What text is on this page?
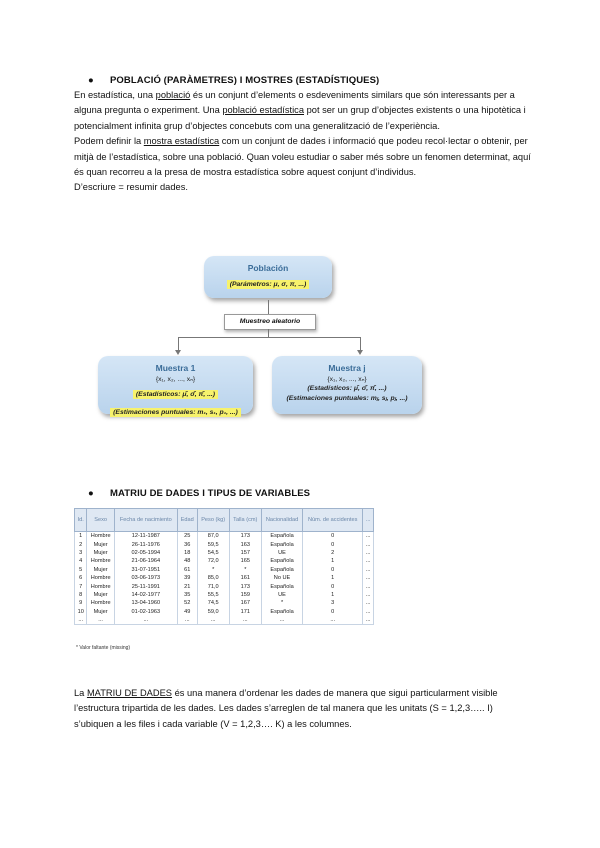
● POBLACIÓ (PARÀMETRES) I MOSTRES (ESTADÍSTIQUES)

En estadística, una població és un conjunt d’elements o esdeveniments similars que són interessants per a alguna pregunta o experiment. Una població estadística pot ser un grup d’objectes existents o una hipotètica i potencialment infinita grup d’objectes concebuts com una generalització de l’experiència.

Podem definir la mostra estadística com un conjunt de dades i informació que podeu recol·lectar o obtenir, per mitjà de l’estadística, sobre una població. Quan voleu estudiar o saber més sobre un fenomen determinat, aquí és quan recorreu a la presa de mostra estadística sobre aquest conjunt d’individus.

D’escriure = resumir dades.

Población
(Parámetros: μ, σ, π, ...)
Muestreo aleatorio
Muestra 1
{x₁, x₂, ..., xₙ}
(Estadísticos: μ̂, σ̂, π̂, ...) (Estimaciones puntuales: m₁, s₁, p₁, ...)
Muestra j
{x₁, x₂, ..., xₙ}
(Estadísticos: μ̂, σ̂, π̂, ...)
(Estimaciones puntuales: mⱼ, sⱼ, pⱼ, ...)
● MATRIU DE DADES I TIPUS DE VARIABLES
Id.	Sexo	Fecha de nacimiento	Edad	Peso (kg)	Talla (cm)	Nacionalidad	Núm. de accidentes	...
1	Hombre	12-11-1987	25	87,0	173	Española	0	...
2	Mujer	26-11-1976	36	59,5	163	Española	0	...
3	Mujer	02-05-1994	18	54,5	157	UE	2	...
4	Hombre	21-06-1964	48	72,0	165	Española	1	...
5	Mujer	31-07-1951	61	*	*	Española	0	...
6	Hombre	03-06-1973	39	85,0	161	No UE	1	...
7	Hombre	25-11-1991	21	71,0	173	Española	0	...
8	Mujer	14-02-1977	35	55,5	159	UE	1	...
9	Hombre	13-04-1960	52	74,5	167	*	3	...
10	Mujer	01-02-1963	49	59,0	171	Española	0	...
...	...	...	...	...	...	...	...	...
* Valor faltante (missing)

La MATRIU DE DADES és una manera d’ordenar les dades de manera que sigui particularment visible l’estructura tripartida de les dades. Les dades s’arreglen de tal manera que les unitats (S = 1,2,3….. I) s’ubiquen a les files i cada variable (V = 1,2,3…. K) a les columnes.
